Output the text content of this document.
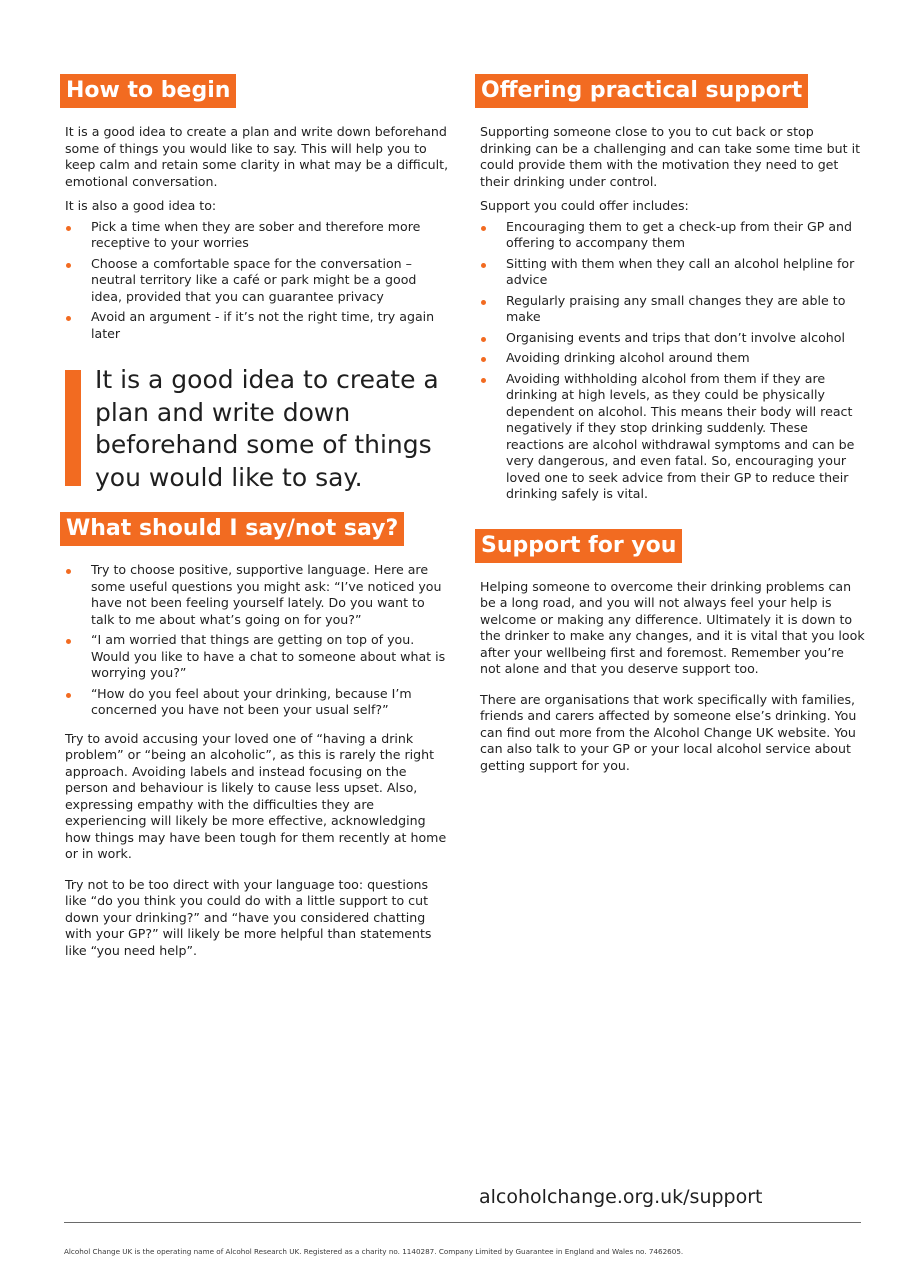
How to begin

It is a good idea to create a plan and write down beforehand some of things you would like to say. This will help you to keep calm and retain some clarity in what may be a difficult, emotional conversation.

It is also a good idea to:

Pick a time when they are sober and therefore more receptive to your worries
Choose a comfortable space for the conversation – neutral territory like a café or park might be a good idea, provided that you can guarantee privacy
Avoid an argument - if it’s not the right time, try again later
It is a good idea to create a plan and write down beforehand some of things you would like to say.
What should I say/not say?
Try to choose positive, supportive language. Here are some useful questions you might ask: “I’ve noticed you have not been feeling yourself lately. Do you want to talk to me about what’s going on for you?”
“I am worried that things are getting on top of you. Would you like to have a chat to someone about what is worrying you?”
“How do you feel about your drinking, because I’m concerned you have not been your usual self?”

Try to avoid accusing your loved one of “having a drink problem” or “being an alcoholic”, as this is rarely the right approach. Avoiding labels and instead focusing on the person and behaviour is likely to cause less upset. Also, expressing empathy with the difficulties they are experiencing will likely be more effective, acknowledging how things may have been tough for them recently at home or in work.

Try not to be too direct with your language too: questions like “do you think you could do with a little support to cut down your drinking?” and “have you considered chatting with your GP?” will likely be more helpful than statements like “you need help”.

Offering practical support

Supporting someone close to you to cut back or stop drinking can be a challenging and can take some time but it could provide them with the motivation they need to get their drinking under control.

Support you could offer includes:

Encouraging them to get a check-up from their GP and offering to accompany them
Sitting with them when they call an alcohol helpline for advice
Regularly praising any small changes they are able to make
Organising events and trips that don’t involve alcohol
Avoiding drinking alcohol around them
Avoiding withholding alcohol from them if they are drinking at high levels, as they could be physically dependent on alcohol. This means their body will react negatively if they stop drinking suddenly. These reactions are alcohol withdrawal symptoms and can be very dangerous, and even fatal. So, encouraging your loved one to seek advice from their GP to reduce their drinking safely is vital.
Support for you

Helping someone to overcome their drinking problems can be a long road, and you will not always feel your help is welcome or making any difference. Ultimately it is down to the drinker to make any changes, and it is vital that you look after your wellbeing first and foremost. Remember you’re not alone and that you deserve support too.

There are organisations that work specifically with families, friends and carers affected by someone else’s drinking. You can find out more from the Alcohol Change UK website. You can also talk to your GP or your local alcohol service about getting support for you.

alcoholchange.org.uk/support
Alcohol Change UK is the operating name of Alcohol Research UK. Registered as a charity no. 1140287. Company Limited by Guarantee in England and Wales no. 7462605.
